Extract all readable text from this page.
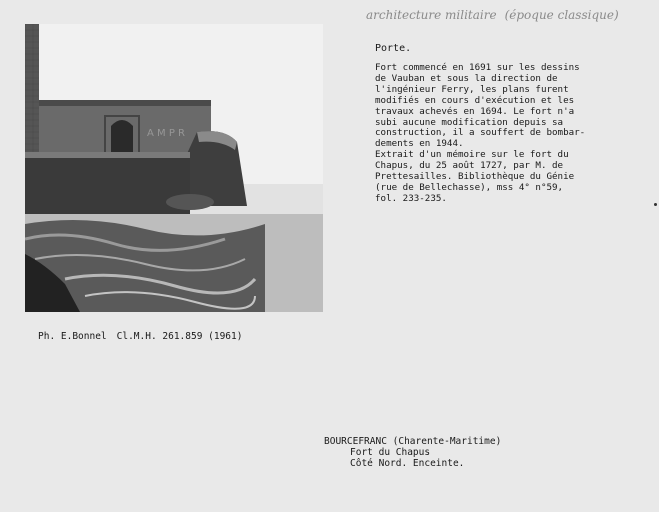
A M P R
architecture militaire (époque classique)
Porte.
Fort commencé en 1691 sur les dessins
de Vauban et sous la direction de
l'ingénieur Ferry, les plans furent
modifiés en cours d'exécution et les
travaux achevés en 1694. Le fort n'a
subi aucune modification depuis sa
construction, il a souffert de bombar-
dements en 1944.
Extrait d'un mémoire sur le fort du
Chapus, du 25 août 1727, par M. de
Prettesailles. Bibliothèque du Génie
(rue de Bellechasse), mss 4° n°59,
fol. 233-235.
Ph. E.Bonnel Cl.M.H. 261.859 (1961)
BOURCEFRANC (Charente-Maritime)
Fort du Chapus
Côté Nord. Enceinte.
